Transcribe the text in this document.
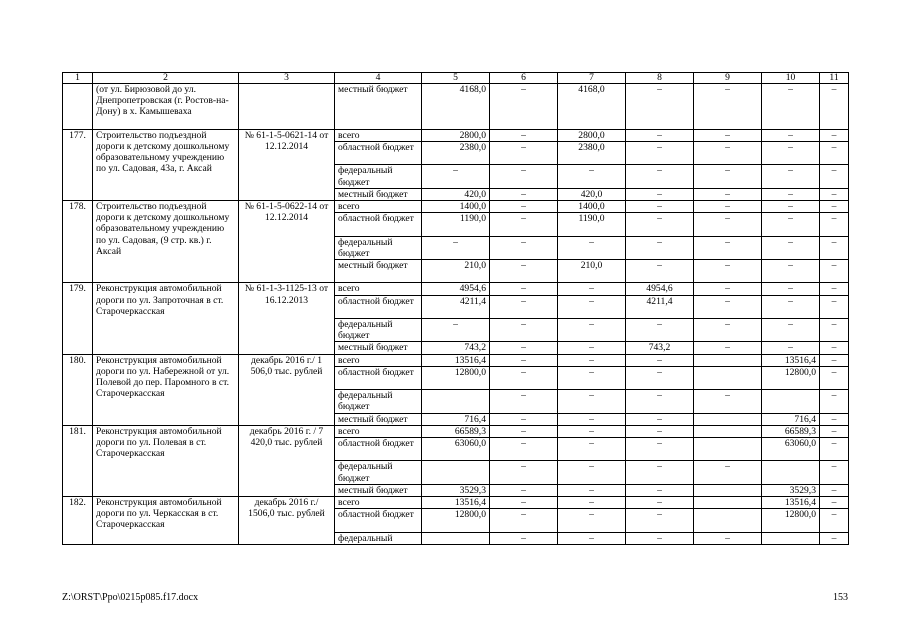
1	2	3	4	5	6	7	8	9	10	11
	(от ул. Бирюзовой до ул. Днепропетровская (г. Ростов-на-Дону) в х. Камышеваха		местный бюджет	4168,0	–	4168,0	–	–	–	–
177.	Строительство подъездной дороги к детскому дошкольному образовательному учреждению по ул. Садовая, 43а, г. Аксай	№ 61-1-5-0621-14 от 12.12.2014	всего	2800,0	–	2800,0	–	–	–	–
			областной бюджет	2380,0	–	2380,0	–	–	–	–
			федеральный бюджет	–	–	–	–	–	–	–
			местный бюджет	420,0	–	420,0	–	–	–	–
178.	Строительство подъездной дороги к детскому дошкольному образовательному учреждению по ул. Садовая, (9 стр. кв.) г. Аксай	№ 61-1-5-0622-14 от 12.12.2014	всего	1400,0	–	1400,0	–	–	–	–
			областной бюджет	1190,0	–	1190,0	–	–	–	–
			федеральный бюджет	–	–	–	–	–	–	–
			местный бюджет	210,0	–	210,0	–	–	–	–
179.	Реконструкция автомобильной дороги по ул. Запроточная в ст. Старочеркасская	№ 61-1-3-1125-13 от 16.12.2013	всего	4954,6	–	–	4954,6	–	–	–
			областной бюджет	4211,4	–	–	4211,4	–	–	–
			федеральный бюджет	–	–	–	–	–	–	–
			местный бюджет	743,2	–	–	743,2	–	–	–
180.	Реконструкция автомобильной дороги по ул. Набережной от ул. Полевой до пер. Паромного в ст. Старочеркасская	декабрь 2016 г./ 1 506,0 тыс. рублей	всего	13516,4	–	–	–		13516,4	–
			областной бюджет	12800,0	–	–	–		12800,0	–
			федеральный бюджет		–	–	–	–		–
			местный бюджет	716,4	–	–	–		716,4	–
181.	Реконструкция автомобильной дороги по ул. Полевая в ст. Старочеркасская	декабрь 2016 г. / 7 420,0 тыс. рублей	всего	66589,3	–	–	–		66589,3	–
			областной бюджет	63060,0	–	–	–		63060,0	–
			федеральный бюджет		–	–	–	–		–
			местный бюджет	3529,3	–	–	–		3529,3	–
182.	Реконструкция автомобильной дороги по ул. Черкасская в ст. Старочеркасская	декабрь 2016 г./ 1506,0 тыс. рублей	всего	13516,4	–	–	–		13516,4	–
			областной бюджет	12800,0	–	–	–		12800,0	–
			федеральный		–	–	–	–		–
Z:\ORST\Ppo\0215p085.f17.docx	153
